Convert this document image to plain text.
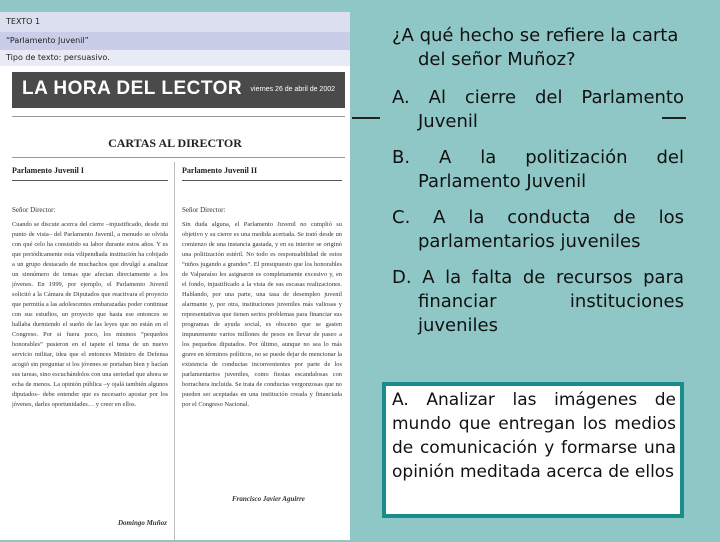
TEXTO 1
“Parlamento Juvenil”
Tipo de texto: persuasivo.
LA HORA DEL LECTOR viernes 26 de abril de 2002
CARTAS AL DIRECTOR
Parlamento Juvenil I
Señor Director:
Cuando se discute acerca del cierre –injustificado, desde mi punto de vista– del Parlamento Juvenil, a menudo se olvida con qué celo ha consistido su labor durante estos años. Y es que periódicamente esta vilipendiada institución ha cobijado a un grupo destacado de muchachos que divulgó a analizar un sinnúmero de temas que afectan directamente a los jóvenes. En 1999, por ejemplo, el Parlamento Juvenil solicitó a la Cámara de Diputados que reactivara el proyecto que permitía a las adolescentes embarazadas poder continuar con sus estudios, un proyecto que hasta ese entonces se hallaba durmiendo el sueño de las leyes que no están en el Congreso. Por si fuera poco, los mismos “pequeños honorables” pusieron en el tapete el tema de un nuevo servicio militar, idea que el entonces Ministro de Defensa acogió sin preguntar si los jóvenes se portaban bien y hacían sus tareas, sino escuchándolos con una seriedad que ahora se echa de menos. La opinión pública –y ojalá también algunos diputados– debe entender que es necesario apostar por los jóvenes, darles oportunidades… y creer en ellos.
Domingo Muñoz
Parlamento Juvenil II
Señor Director:
Sin duda alguna, el Parlamento Juvenil no cumplió su objetivo y su cierre es una medida acertada. Se trató desde un comienzo de una instancia gastada, y en su interior se originó una politización estéril. No todo es responsabilidad de estos “niños jugando a grandes”. El presupuesto que los honorables de Valparaíso les asignaron es completamente excesivo y, en el fondo, injustificado a la vista de sus escasas realizaciones. Hablando, por una parte, una tasa de desempleo juvenil alarmante y, por otra, instituciones juveniles más valiosas y representativas que tienen serios problemas para financiar sus programas de ayuda social, es obsceno que se gasten impunemente varios millones de pesos en llevar de paseo a los pequeños diputados. Por último, aunque no sea lo más grave en términos políticos, no se puede dejar de mencionar la existencia de conductas inconvenientes por parte de los parlamentarios juveniles, como fiestas escandalosas con borrachera incluida. Se trata de conductas vergonzosas que no pueden ser aceptadas en una institución creada y financiada por el Congreso Nacional.
Francisco Javier Aguirre
¿A qué hecho se refiere la carta del señor Muñoz?
A. Al cierre del Parlamento Juvenil
B. A la politización del Parlamento Juvenil
C. A la conducta de los parlamentarios juveniles
D. A la falta de recursos para financiar instituciones juveniles
A. Analizar las imágenes de mundo que entregan los medios de comunicación y formarse una opinión meditada acerca de ellos
